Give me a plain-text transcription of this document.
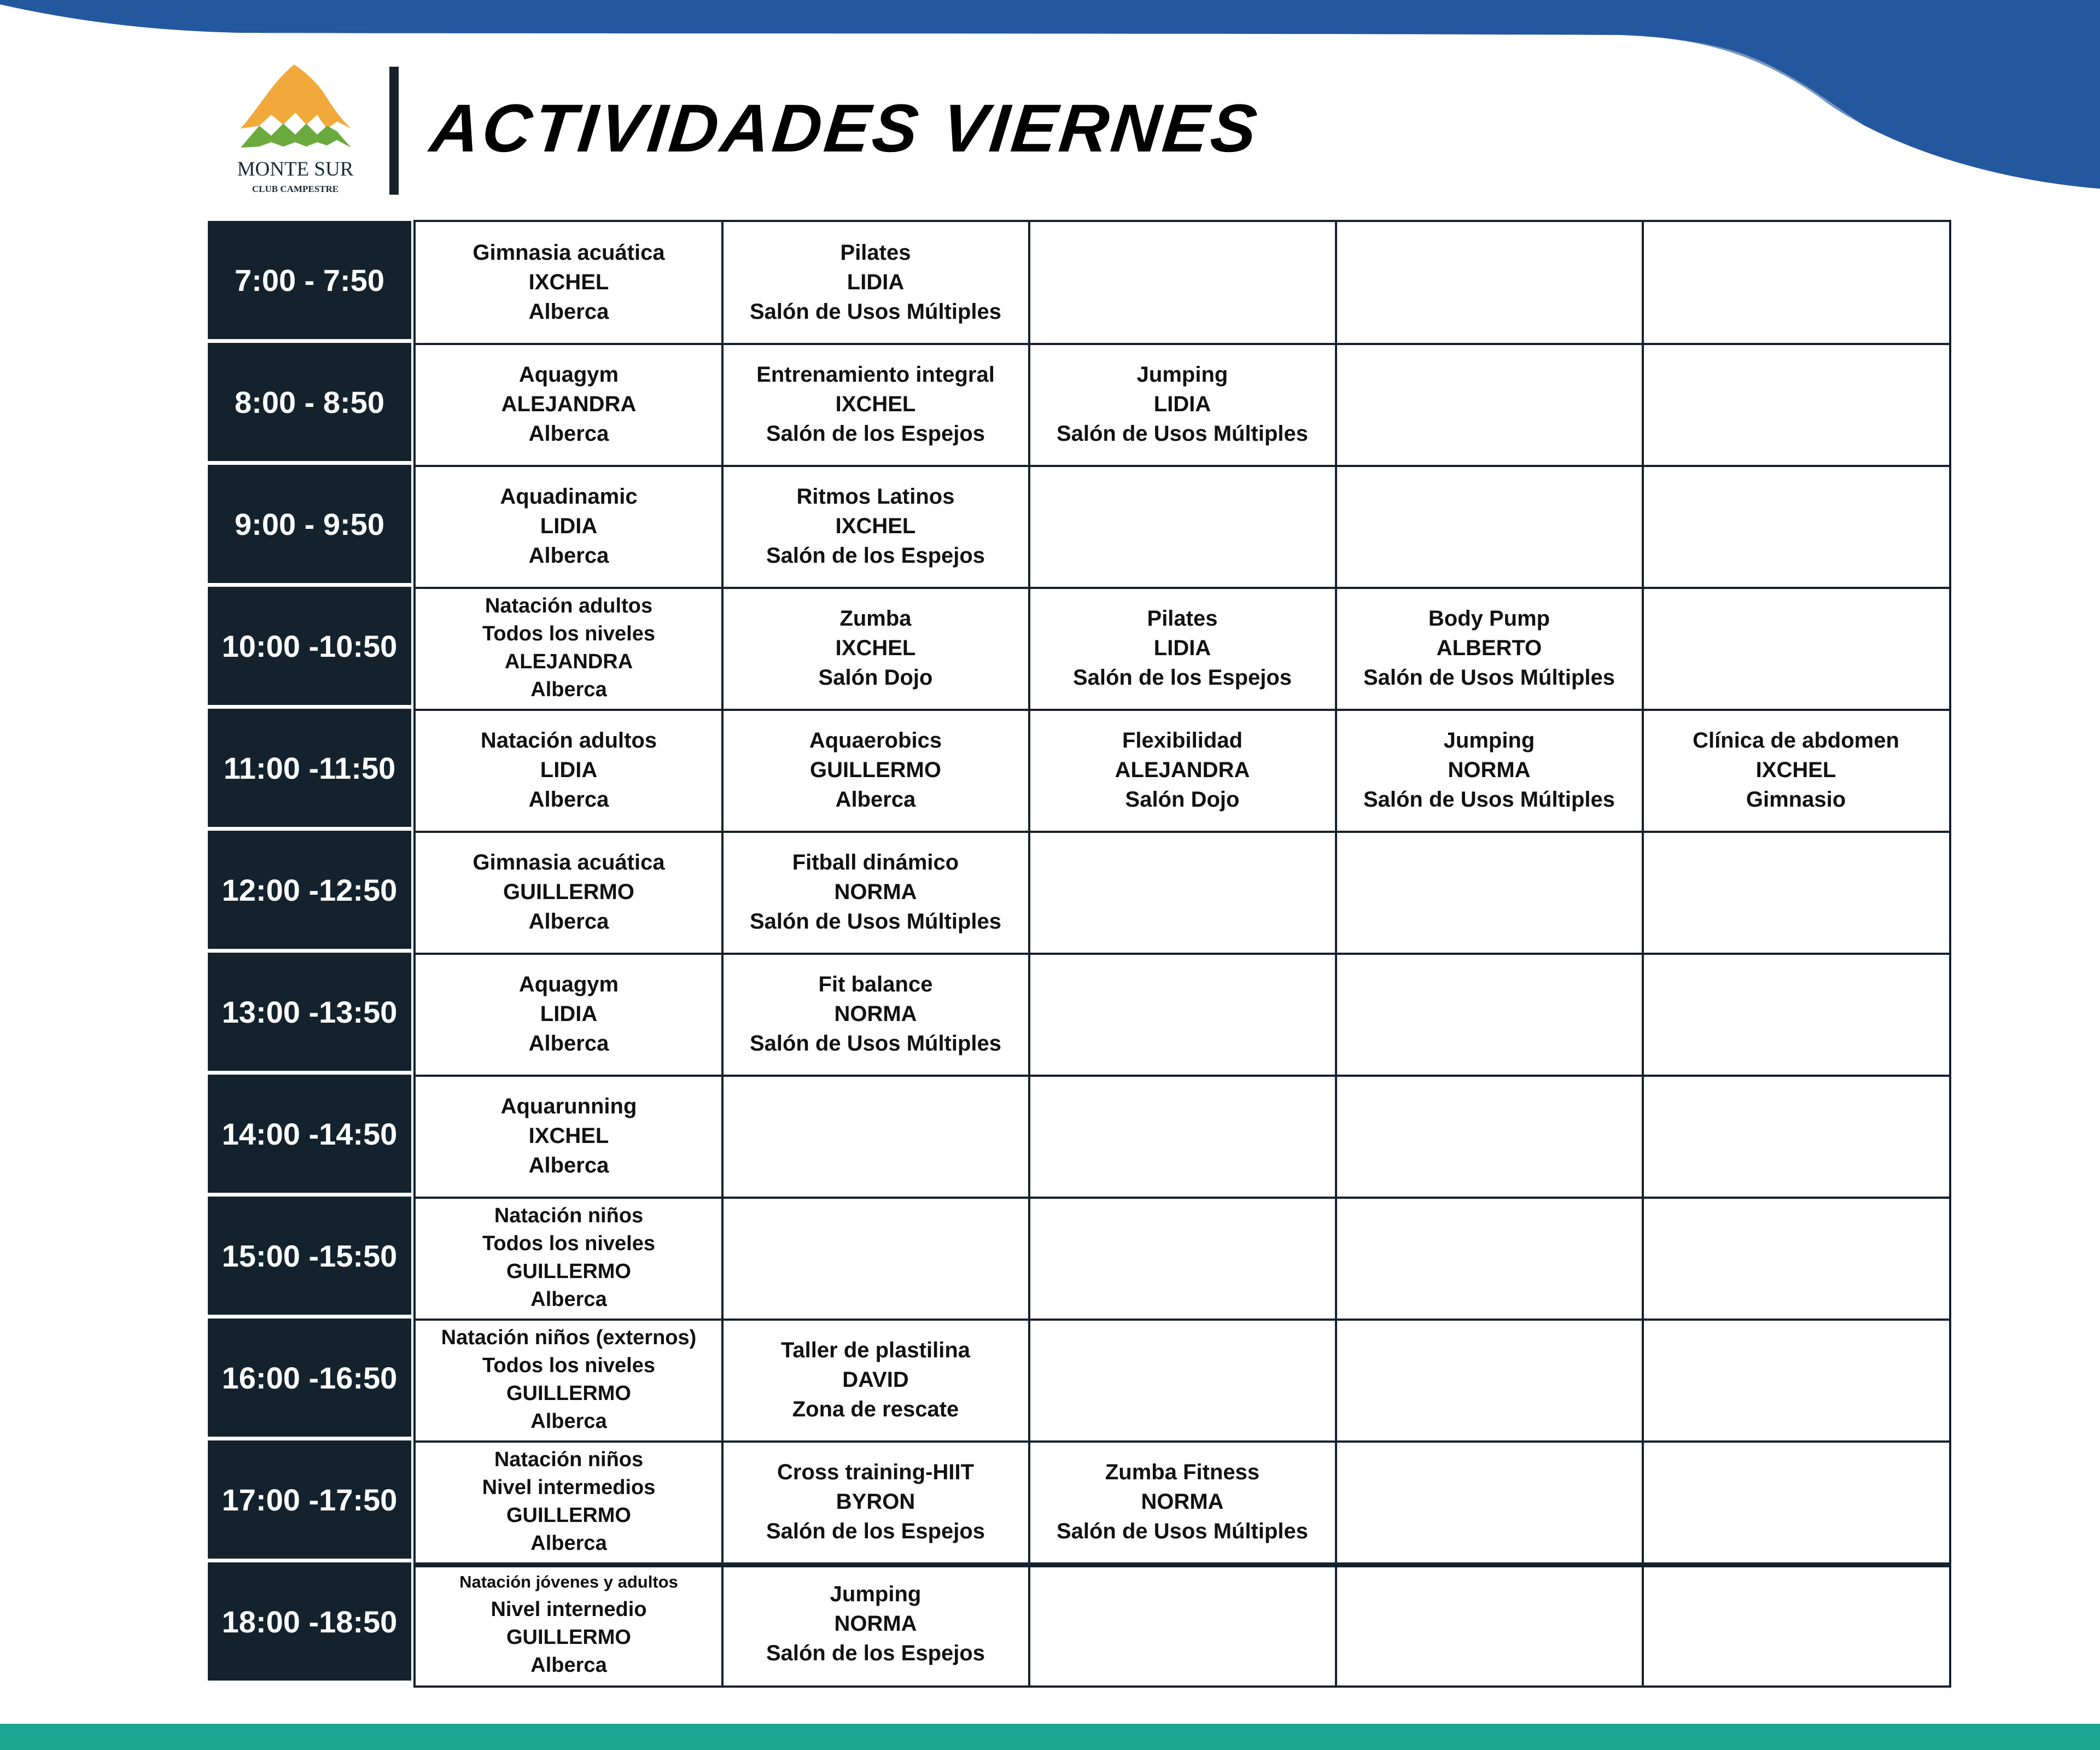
MONTE SUR
CLUB CAMPESTRE
ACTIVIDADES VIERNES
7:00 - 7:50
8:00 - 8:50
9:00 - 9:50
10:00 -10:50
11:00 -11:50
12:00 -12:50
13:00 -13:50
14:00 -14:50
15:00 -15:50
16:00 -16:50
17:00 -17:50
18:00 -18:50
Gimnasia acuática
IXCHEL
Alberca
Pilates
LIDIA
Salón de Usos Múltiples
Aquagym
ALEJANDRA
Alberca
Entrenamiento integral
IXCHEL
Salón de los Espejos
Jumping
LIDIA
Salón de Usos Múltiples
Aquadinamic
LIDIA
Alberca
Ritmos Latinos
IXCHEL
Salón de los Espejos
Natación adultos
Todos los niveles
ALEJANDRA
Alberca
Zumba
IXCHEL
Salón Dojo
Pilates
LIDIA
Salón de los Espejos
Body Pump
ALBERTO
Salón de Usos Múltiples
Natación adultos
LIDIA
Alberca
Aquaerobics
GUILLERMO
Alberca
Flexibilidad
ALEJANDRA
Salón Dojo
Jumping
NORMA
Salón de Usos Múltiples
Clínica de abdomen
IXCHEL
Gimnasio
Gimnasia acuática
GUILLERMO
Alberca
Fitball dinámico
NORMA
Salón de Usos Múltiples
Aquagym
LIDIA
Alberca
Fit balance
NORMA
Salón de Usos Múltiples
Aquarunning
IXCHEL
Alberca
Natación niños
Todos los niveles
GUILLERMO
Alberca
Natación niños (externos)
Todos los niveles
GUILLERMO
Alberca
Taller de plastilina
DAVID
Zona de rescate
Natación niños
Nivel intermedios
GUILLERMO
Alberca
Cross training-HIIT
BYRON
Salón de los Espejos
Zumba Fitness
NORMA
Salón de Usos Múltiples
Natación jóvenes y adultos
Nivel internedio
GUILLERMO
Alberca
Jumping
NORMA
Salón de los Espejos
